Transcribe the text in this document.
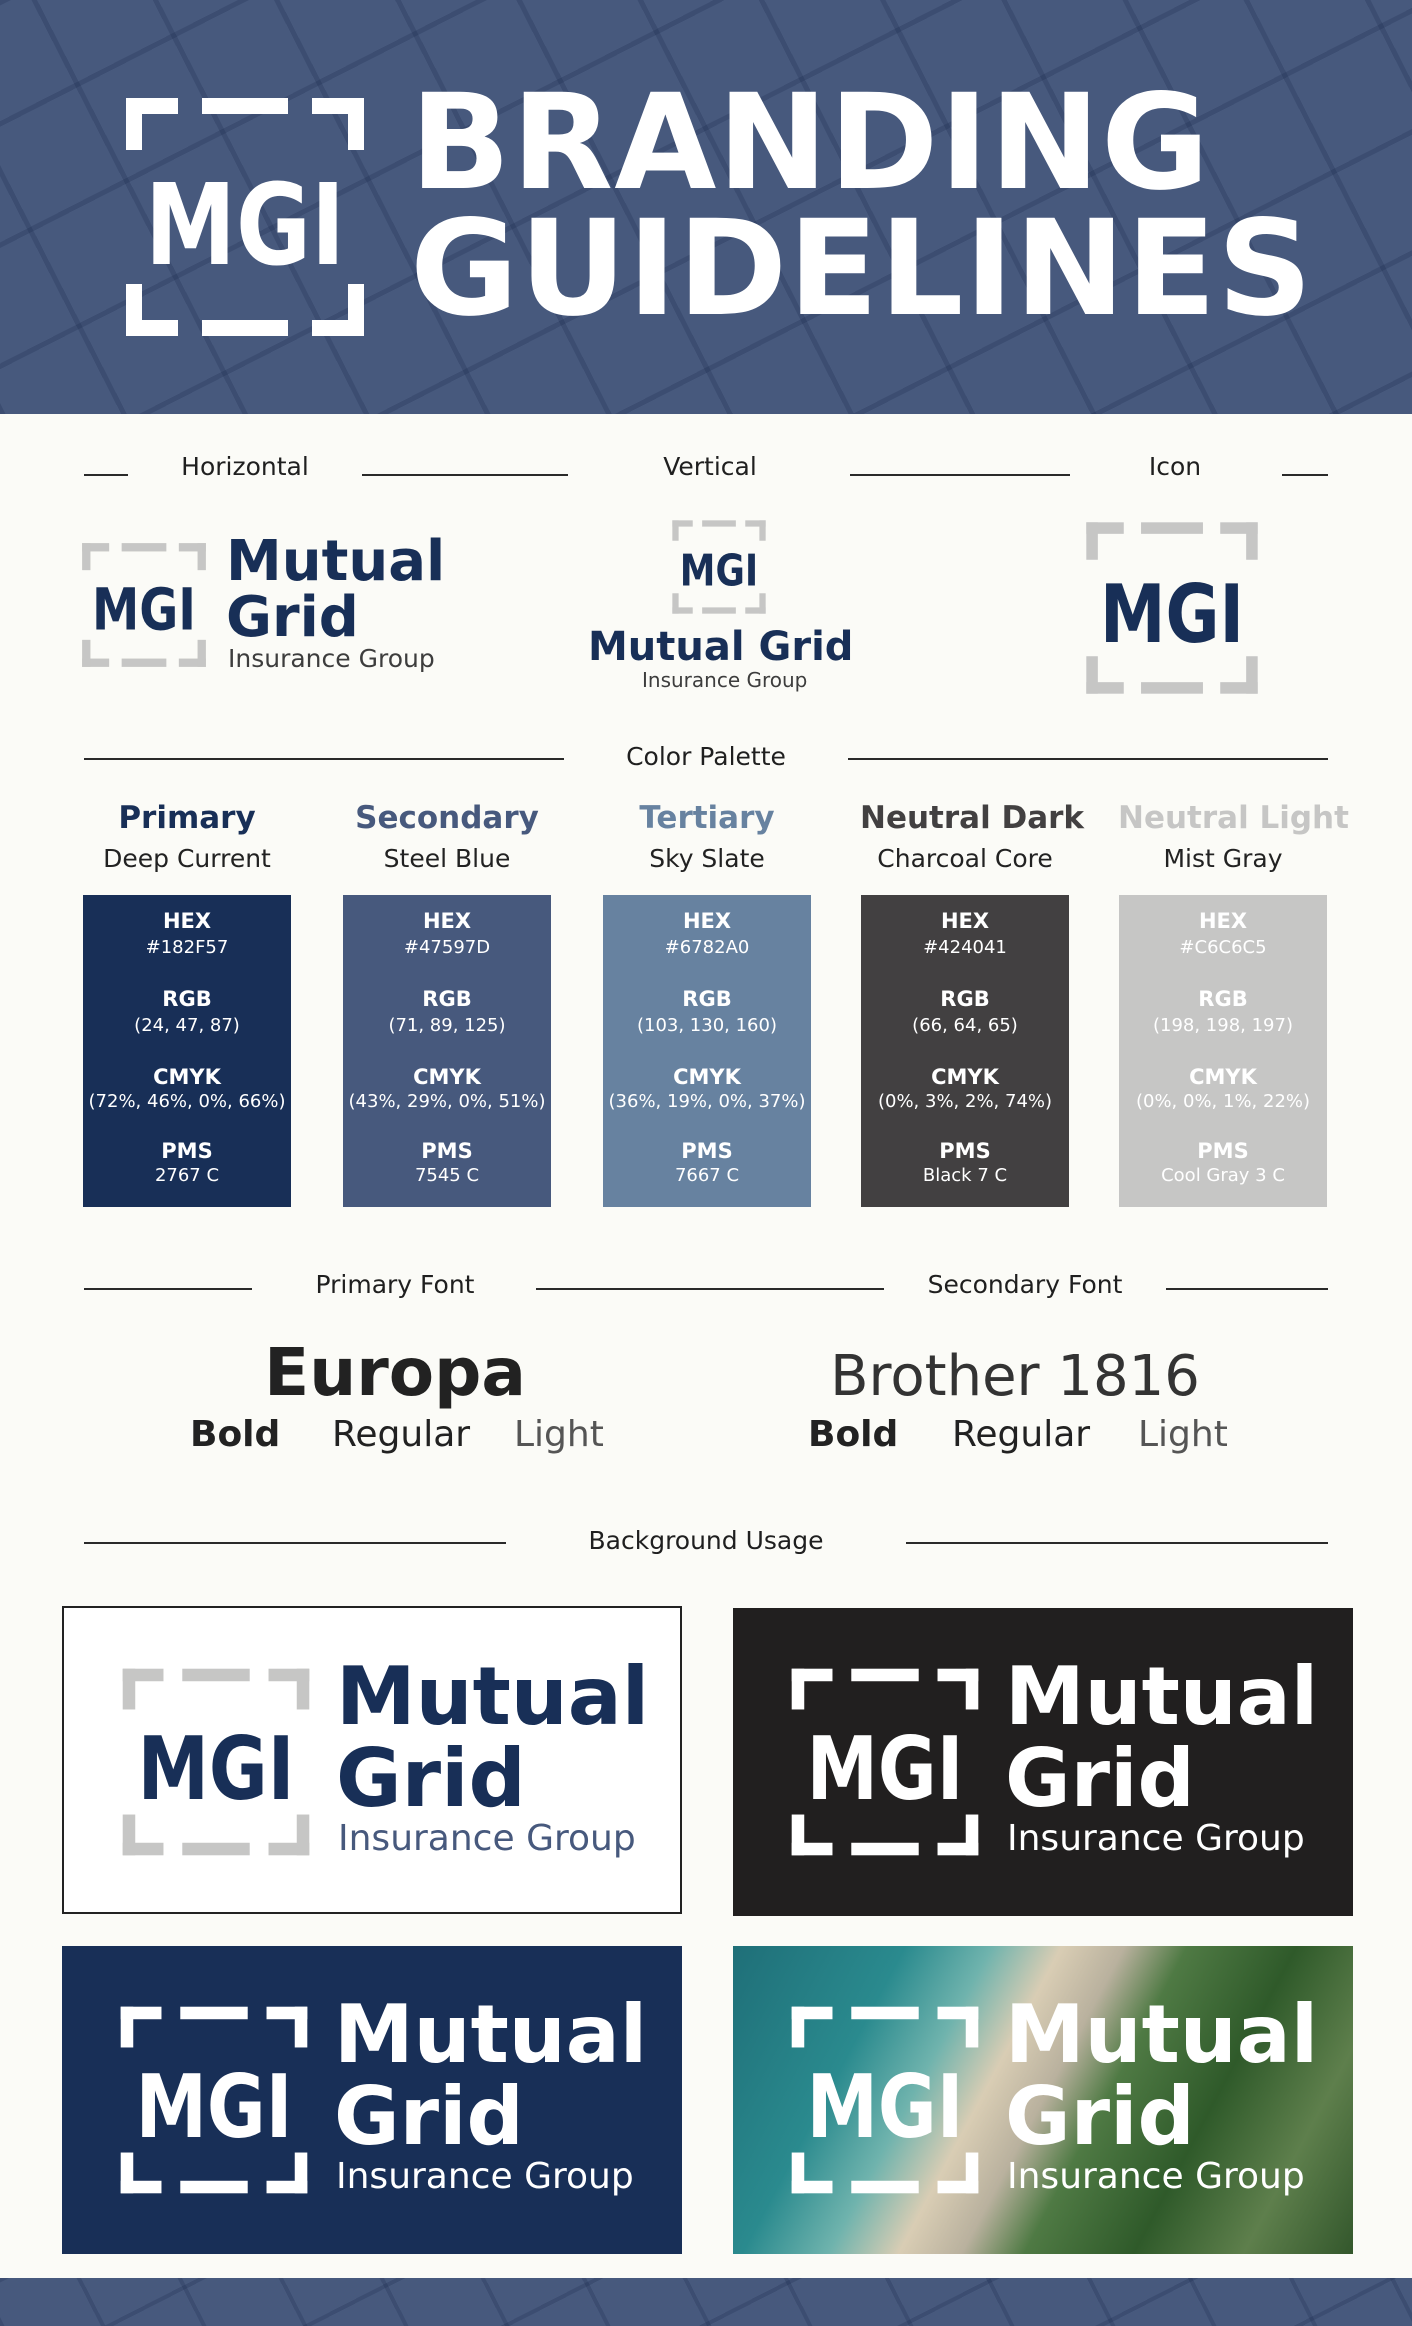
MGI
BRANDING
GUIDELINES
Horizontal	Vertical	Icon
MGI
Mutual
Grid
Insurance Group
MGI
Mutual Grid
Insurance Group
MGI
Color Palette
Primary
Deep Current
HEX
#182F57
RGB
(24, 47, 87)
CMYK
(72%, 46%, 0%, 66%)
PMS
2767 C
Secondary
Steel Blue
HEX
#47597D
RGB
(71, 89, 125)
CMYK
(43%, 29%, 0%, 51%)
PMS
7545 C
Tertiary
Sky Slate
HEX
#6782A0
RGB
(103, 130, 160)
CMYK
(36%, 19%, 0%, 37%)
PMS
7667 C
Neutral Dark
Charcoal Core
HEX
#424041
RGB
(66, 64, 65)
CMYK
(0%, 3%, 2%, 74%)
PMS
Black 7 C
Neutral Light
Mist Gray
HEX
#C6C6C5
RGB
(198, 198, 197)
CMYK
(0%, 0%, 1%, 22%)
PMS
Cool Gray 3 C
Primary Font	Secondary Font
Europa
Bold Regular Light
Brother 1816
Bold Regular Light
Background Usage
MGI
Mutual
Grid
Insurance Group
MGI
Mutual
Grid
Insurance Group
MGI
Mutual
Grid
Insurance Group
MGI
Mutual
Grid
Insurance Group
